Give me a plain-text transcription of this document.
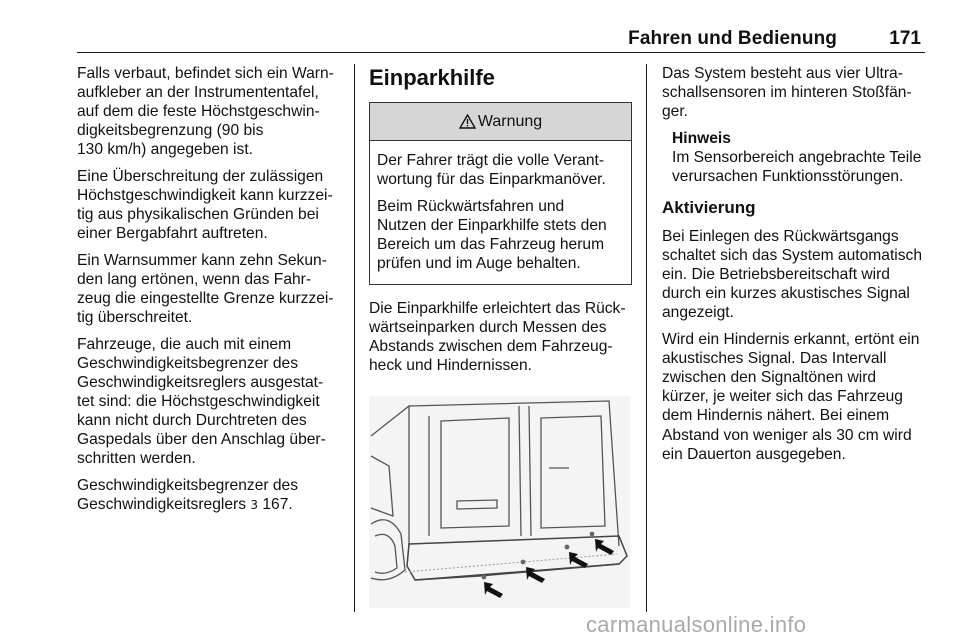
Fahren und Bedienung	171

Falls verbaut, befindet sich ein Warn-
aufkleber an der Instrumententafel,
auf dem die feste Höchstgeschwin-
digkeitsbegrenzung (90 bis
130 km/h) angegeben ist.

Eine Überschreitung der zulässigen
Höchstgeschwindigkeit kann kurzzei-
tig aus physikalischen Gründen bei
einer Bergabfahrt auftreten.

Ein Warnsummer kann zehn Sekun-
den lang ertönen, wenn das Fahr-
zeug die eingestellte Grenze kurzzei-
tig überschreitet.

Fahrzeuge, die auch mit einem
Geschwindigkeitsbegrenzer des
Geschwindigkeitsreglers ausgestat-
tet sind: die Höchstgeschwindigkeit
kann nicht durch Durchtreten des
Gaspedals über den Anschlag über-
schritten werden.

Geschwindigkeitsbegrenzer des
Geschwindigkeitsreglers 3 167.

Einparkhilfe
Warnung

Der Fahrer trägt die volle Verant-
wortung für das Einparkmanöver.

Beim Rückwärtsfahren und
Nutzen der Einparkhilfe stets den
Bereich um das Fahrzeug herum
prüfen und im Auge behalten.

Die Einparkhilfe erleichtert das Rück-
wärtseinparken durch Messen des
Abstands zwischen dem Fahrzeug-
heck und Hindernissen.

Das System besteht aus vier Ultra-
schallsensoren im hinteren Stoßfän-
ger.

Hinweis
Im Sensorbereich angebrachte Teile
verursachen Funktionsstörungen.
Aktivierung

Bei Einlegen des Rückwärtsgangs
schaltet sich das System automatisch
ein. Die Betriebsbereitschaft wird
durch ein kurzes akustisches Signal
angezeigt.

Wird ein Hindernis erkannt, ertönt ein
akustisches Signal. Das Intervall
zwischen den Signaltönen wird
kürzer, je weiter sich das Fahrzeug
dem Hindernis nähert. Bei einem
Abstand von weniger als 30 cm wird
ein Dauerton ausgegeben.

carmanualsonline.info
